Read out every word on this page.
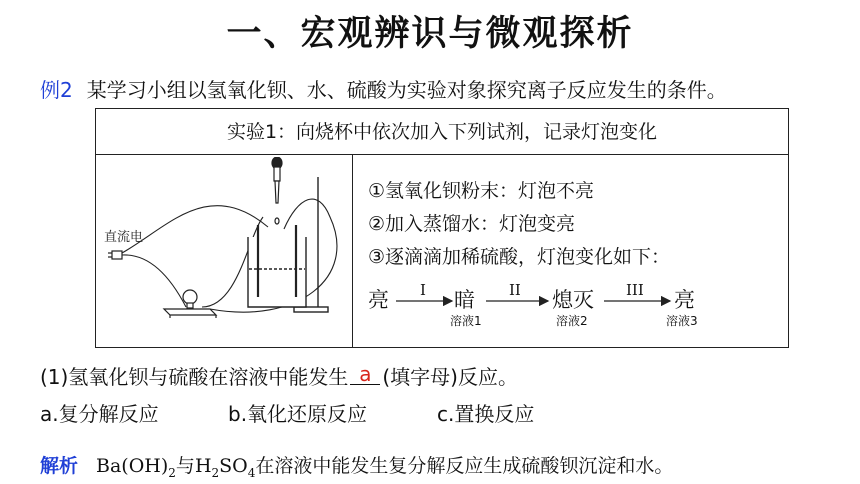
一、宏观辨识与微观探析
例2 某学习小组以氢氧化钡、水、硫酸为实验对象探究离子反应发生的条件。
实验1：向烧杯中依次加入下列试剂，记录灯泡变化
直流电
①氢氧化钡粉末：灯泡不亮
②加入蒸馏水：灯泡变亮
③逐滴滴加稀硫酸，灯泡变化如下：
亮 I 暗
溶液1
II 熄灭
溶液2
III 亮
溶液3
(1)氢氧化钡与硫酸在溶液中能发生 a (填字母)反应。
a.复分解反应	b.氧化还原反应	c.置换反应
解析 $Ba(OH)_2$与$H_2SO_4$在溶液中能发生复分解反应生成硫酸钡沉淀和水。
